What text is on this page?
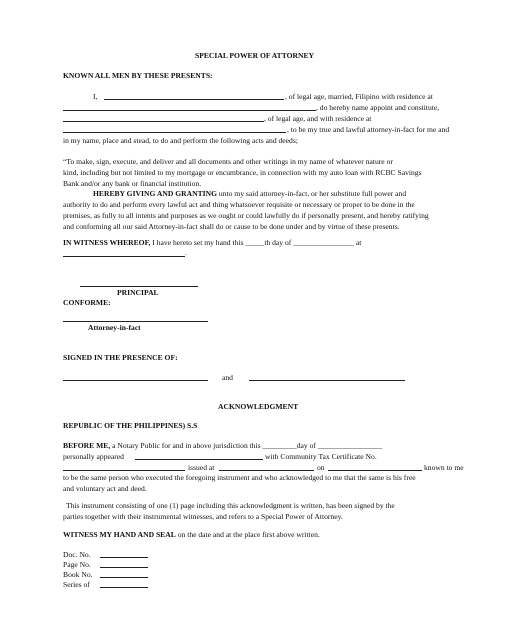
SPECIAL POWER OF ATTORNEY
KNOWN ALL MEN BY THESE PRESENTS:
I,	, of legal age, married, Filipino with residence at
, do hereby name appoint and constitute,
, of legal age, and with residence at
, to be my true and lawful attorney-in-fact for me and
in my name, place and stead, to do and perform the following acts and deeds;
“To make, sign, execute, and deliver and all documents and other writings in my name of whatever nature or
kind, including but not limited to my mortgage or encumbrance, in connection with my auto loan with RCBC Savings
Bank and/or any bank or financial institution.
HEREBY GIVING AND GRANTING unto my said attorney-in-fact, or her substitute full power and
authority to do and perform every lawful act and thing whatsoever requisite or necessary or proper to be done in the
premises, as fully to all intents and purposes as we ought or could lawfully do if personally present, and hereby ratifying
and conforming all our said Attorney-in-fact shall do or cause to be done under and by virtue of these presents.
IN WITNESS WHEREOF, I have hereto set my hand this _____th day of ________________ at
.
PRINCIPAL
CONFORME:
Attorney-in-fact
SIGNED IN THE PRESENCE OF:
and
ACKNOWLEDGMENT
REPUBLIC OF THE PHILIPPINES) S.S
BEFORE ME, a Notary Public for and in above jurisdiction this _________day of _________________
personally appeared	with Community Tax Certificate No.
issued at	on	known to me
to be the same person who executed the foregoing instrument and who acknowledged to me that the same is his free
and voluntary act and deed.
This instrument consisting of one (1) page including this acknowledgment is written, has been signed by the
parties together with their instrumental witnesses, and refers to a Special Power of Attorney.
WITNESS MY HAND AND SEAL on the date and at the place first above written.
Doc. No.
Page No.
Book No.
Series of
